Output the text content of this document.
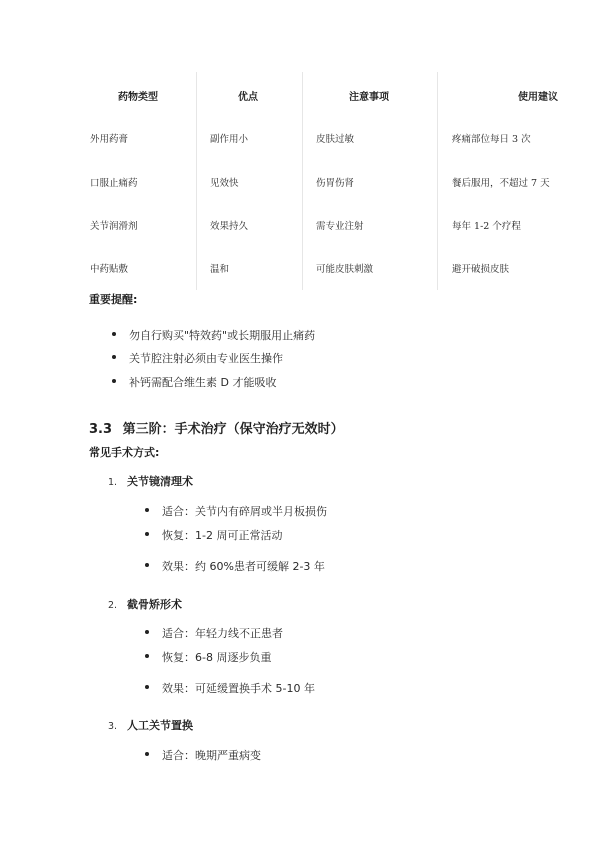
药物类型	优点	注意事项	使用建议
外用药膏	副作用小	皮肤过敏	疼痛部位每日 3 次
口服止痛药	见效快	伤胃伤肾	餐后服用，不超过 7 天
关节润滑剂	效果持久	需专业注射	每年 1-2 个疗程
中药贴敷	温和	可能皮肤刺激	避开破损皮肤
重要提醒:
勿自行购买"特效药"或长期服用止痛药
关节腔注射必须由专业医生操作
补钙需配合维生素 D 才能吸收
3.3 第三阶：手术治疗（保守治疗无效时）
常见手术方式:
1. 关节镜清理术
适合：关节内有碎屑或半月板损伤
恢复：1-2 周可正常活动
效果：约 60%患者可缓解 2-3 年
2. 截骨矫形术
适合：年轻力线不正患者
恢复：6-8 周逐步负重
效果：可延缓置换手术 5-10 年
3. 人工关节置换
适合：晚期严重病变
